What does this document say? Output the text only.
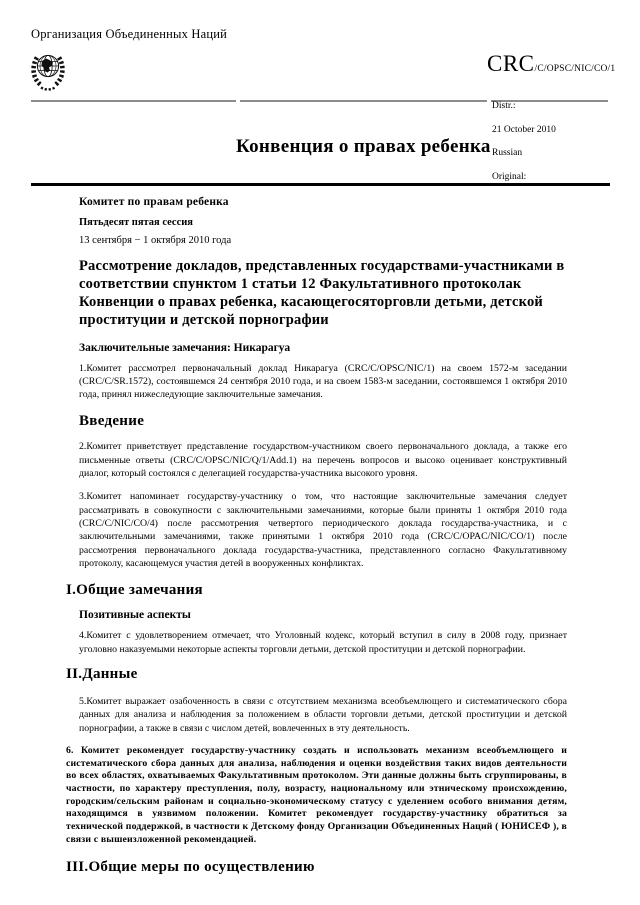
Организация Объединенных Наций
CRC/C/OPSC/NIC/CO/1
Конвенция о правах ребенка
Distr.:
21 October 2010
Russian
Original:
Комитет по правам ребенка
Пятьдесят пятая сессия
13 сентября − 1 октября 2010 года
Рассмотрение докладов, представленных государствами-участниками в соответствии спунктом 1 статьи 12 Факультативного протоколак Конвенции о правах ребенка, касающегосяторговли детьми, детской проституции и детской порнографии
Заключительные замечания: Никарагуа
1.Комитет рассмотрел первоначальный доклад Никарагуа (CRC/C/OPSC/NIC/1) на своем 1572-м заседании (CRC/C/SR.1572), состоявшемся 24 сентября 2010 года, и на своем 1583-м заседании, состоявшемся 1 октября 2010 года, принял нижеследующие заключительные замечания.
Введение
2.Комитет приветствует представление государством-участником своего первоначального доклада, а также его письменные ответы (CRC/C/OPSC/NIC/Q/1/Add.1) на перечень вопросов и высоко оценивает конструктивный диалог, который состоялся с делегацией государства-участника высокого уровня.
3.Комитет напоминает государству-участнику о том, что настоящие заключительные замечания следует рассматривать в совокупности с заключительными замечаниями, которые были приняты 1 октября 2010 года (CRC/C/NIC/CO/4) после рассмотрения четвертого периодического доклада государства-участника, и с заключительными замечаниями, также принятыми 1 октября 2010 года (CRC/C/OPAC/NIC/CO/1) после рассмотрения первоначального доклада государства-участника, представленного согласно Факультативному протоколу, касающемуся участия детей в вооруженных конфликтах.
I.Общие замечания
Позитивные аспекты
4.Комитет с удовлетворением отмечает, что Уголовный кодекс, который вступил в силу в 2008 году, признает уголовно наказуемыми некоторые аспекты торговли детьми, детской проституции и детской порнографии.
II.Данные
5.Комитет выражает озабоченность в связи с отсутствием механизма всеобъемлющего и систематического сбора данных для анализа и наблюдения за положением в области торговли детьми, детской проституции и детской порнографии, а также в связи с числом детей, вовлеченных в эту деятельность.
6. Комитет рекомендует государству-участнику создать и использовать механизм всеобъемлющего и систематического сбора данных для анализа, наблюдения и оценки воздействия таких видов деятельности во всех областях, охватываемых Факультативным протоколом. Эти данные должны быть сгруппированы, в частности, по характеру преступления, полу, возрасту, национальному или этническому происхождению, городским/сельским районам и социально-экономическому статусу с уделением особого внимания детям, находящимся в уязвимом положении. Комитет рекомендует государству-участнику обратиться за технической поддержкой, в частности к Детскому фонду Организации Объединенных Наций ( ЮНИСЕФ ), в связи с вышеизложенной рекомендацией.
III.Общие меры по осуществлению
